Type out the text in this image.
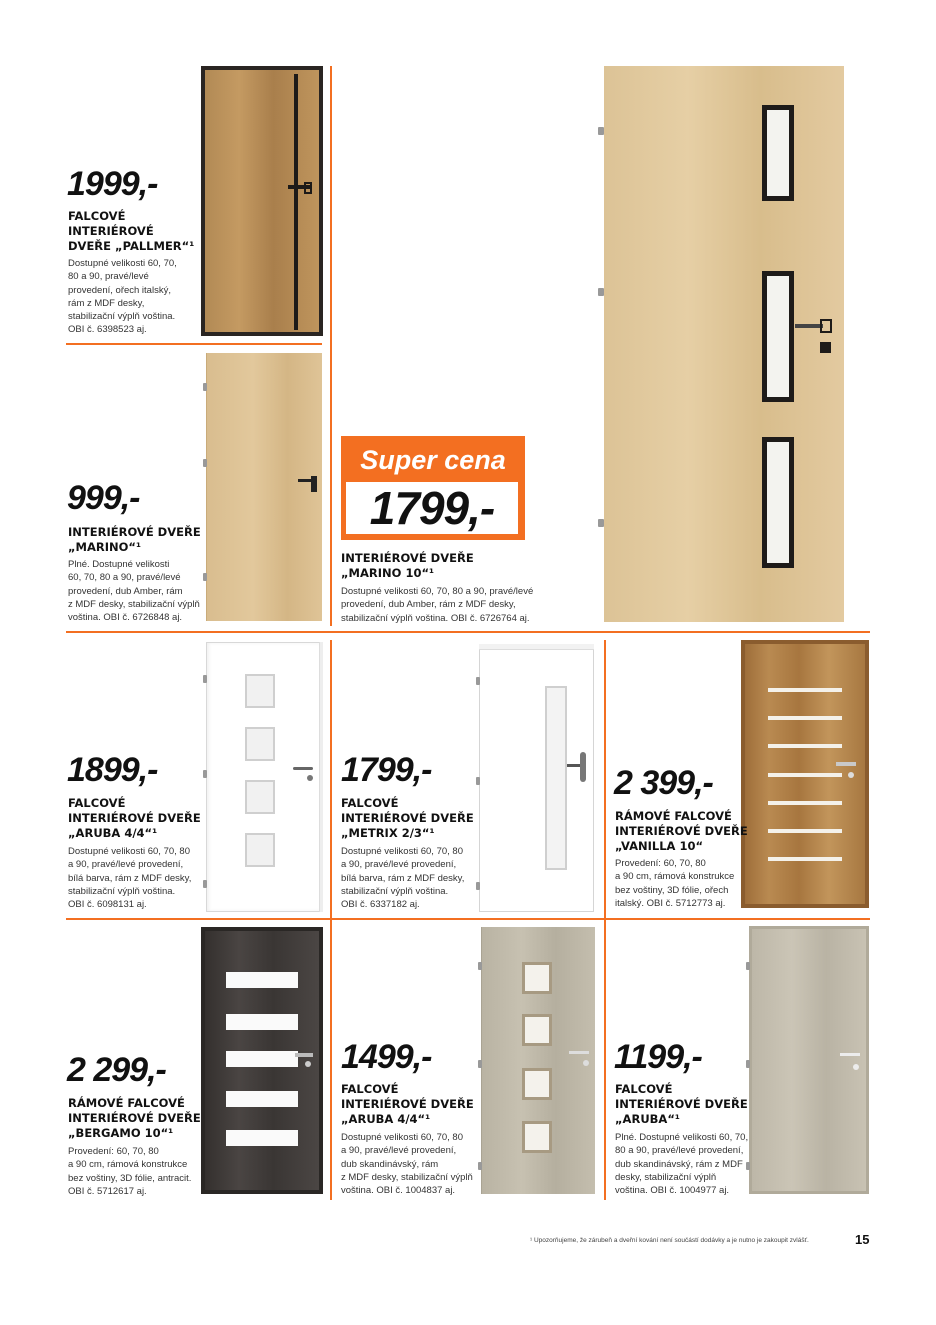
1999,-
FALCOVÉ
INTERIÉROVÉ
DVEŘE „PALLMER“¹
Dostupné velikosti 60, 70,
80 a 90, pravé/levé
provedení, ořech italský,
rám z MDF desky,
stabilizační výplň voština.
OBI č. 6398523 aj.
999,-
INTERIÉROVÉ DVEŘE
„MARINO“¹
Plné. Dostupné velikosti
60, 70, 80 a 90, pravé/levé
provedení, dub Amber, rám
z MDF desky, stabilizační výplň
voština. OBI č. 6726848 aj.
Super cena
1799,-
INTERIÉROVÉ DVEŘE
„MARINO 10“¹
Dostupné velikosti 60, 70, 80 a 90, pravé/levé
provedení, dub Amber, rám z MDF desky,
stabilizační výplň voština. OBI č. 6726764 aj.
1899,-
FALCOVÉ
INTERIÉROVÉ DVEŘE
„ARUBA 4/4“¹
Dostupné velikosti 60, 70, 80
a 90, pravé/levé provedení,
bílá barva, rám z MDF desky,
stabilizační výplň voština.
OBI č. 6098131 aj.
1799,-
FALCOVÉ
INTERIÉROVÉ DVEŘE
„METRIX 2/3“¹
Dostupné velikosti 60, 70, 80
a 90, pravé/levé provedení,
bílá barva, rám z MDF desky,
stabilizační výplň voština.
OBI č. 6337182 aj.
2 399,-
RÁMOVÉ FALCOVÉ
INTERIÉROVÉ DVEŘE
„VANILLA 10“
Provedení: 60, 70, 80
a 90 cm, rámová konstrukce
bez voštiny, 3D fólie, ořech
italský. OBI č. 5712773 aj.
2 299,-
RÁMOVÉ FALCOVÉ
INTERIÉROVÉ DVEŘE
„BERGAMO 10“¹
Provedení: 60, 70, 80
a 90 cm, rámová konstrukce
bez voštiny, 3D fólie, antracit.
OBI č. 5712617 aj.
1499,-
FALCOVÉ
INTERIÉROVÉ DVEŘE
„ARUBA 4/4“¹
Dostupné velikosti 60, 70, 80
a 90, pravé/levé provedení,
dub skandinávský, rám
z MDF desky, stabilizační výplň
voština. OBI č. 1004837 aj.
1199,-
FALCOVÉ
INTERIÉROVÉ DVEŘE
„ARUBA“¹
Plné. Dostupné velikosti 60, 70,
80 a 90, pravé/levé provedení,
dub skandinávský, rám z MDF
desky, stabilizační výplň
voština. OBI č. 1004977 aj.
¹ Upozorňujeme, že zárubeň a dveřní kování není součástí dodávky a je nutno je zakoupit zvlášť.	15
